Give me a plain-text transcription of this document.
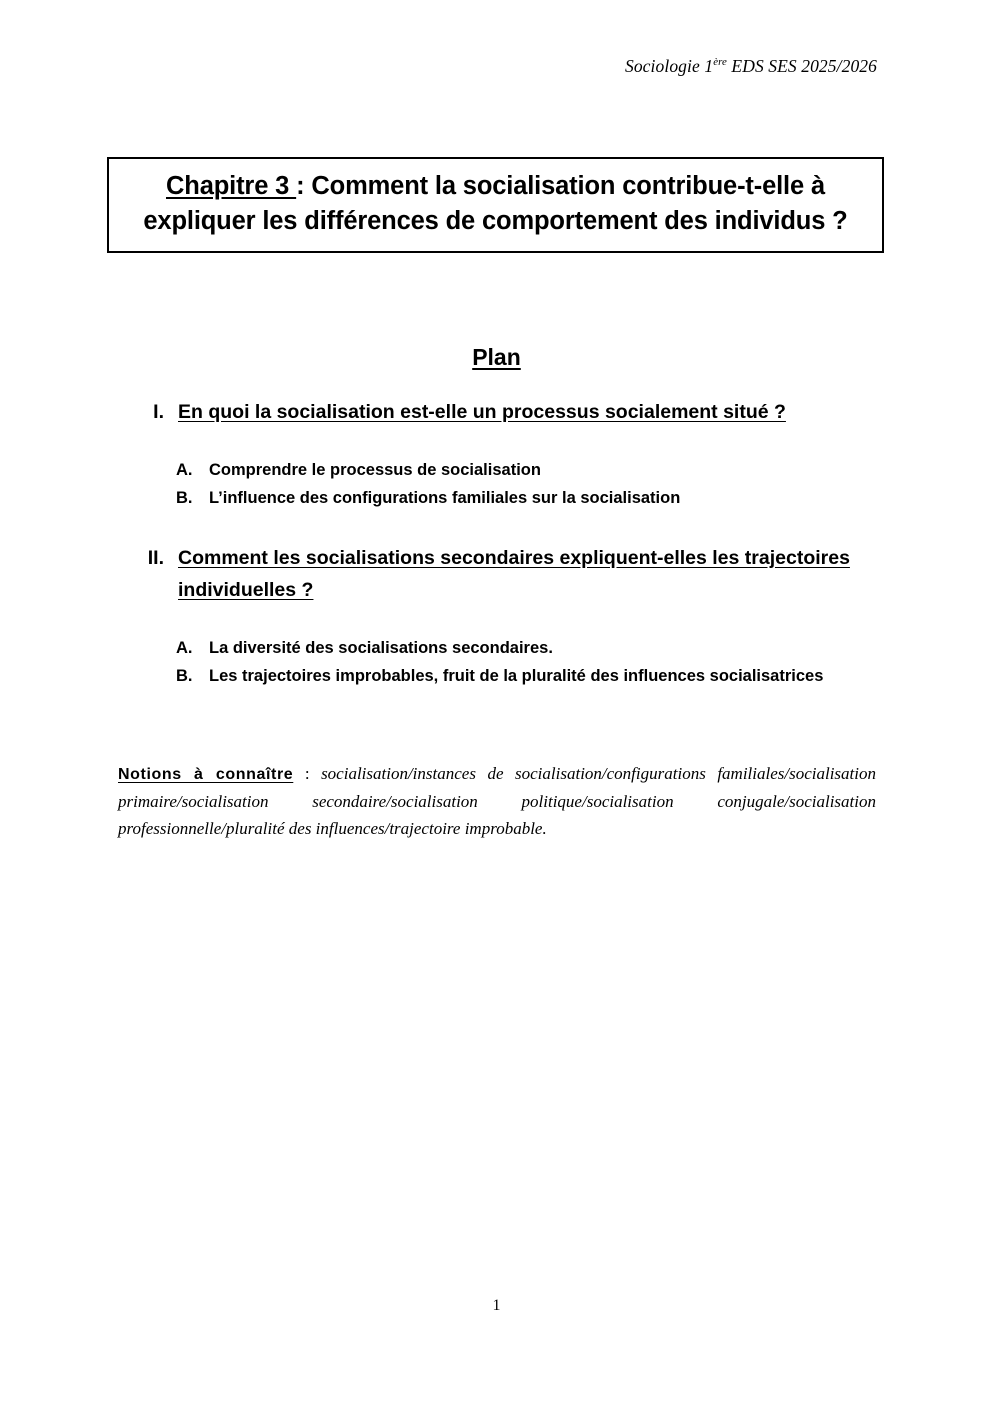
Sociologie 1ère EDS SES 2025/2026
Chapitre 3 : Comment la socialisation contribue-t-elle à
expliquer les différences de comportement des individus ?
Plan
I. En quoi la socialisation est-elle un processus socialement situé ?
A.	Comprendre le processus de socialisation
B.	L’influence des configurations familiales sur la socialisation
II. Comment les socialisations secondaires expliquent-elles les trajectoires individuelles ?
A.	La diversité des socialisations secondaires.
B.	Les trajectoires improbables, fruit de la pluralité des influences socialisatrices
Notions à connaître : socialisation/instances de socialisation/configurations familiales/socialisation primaire/socialisation secondaire/socialisation politique/socialisation conjugale/socialisation professionnelle/pluralité des influences/trajectoire improbable.
1
